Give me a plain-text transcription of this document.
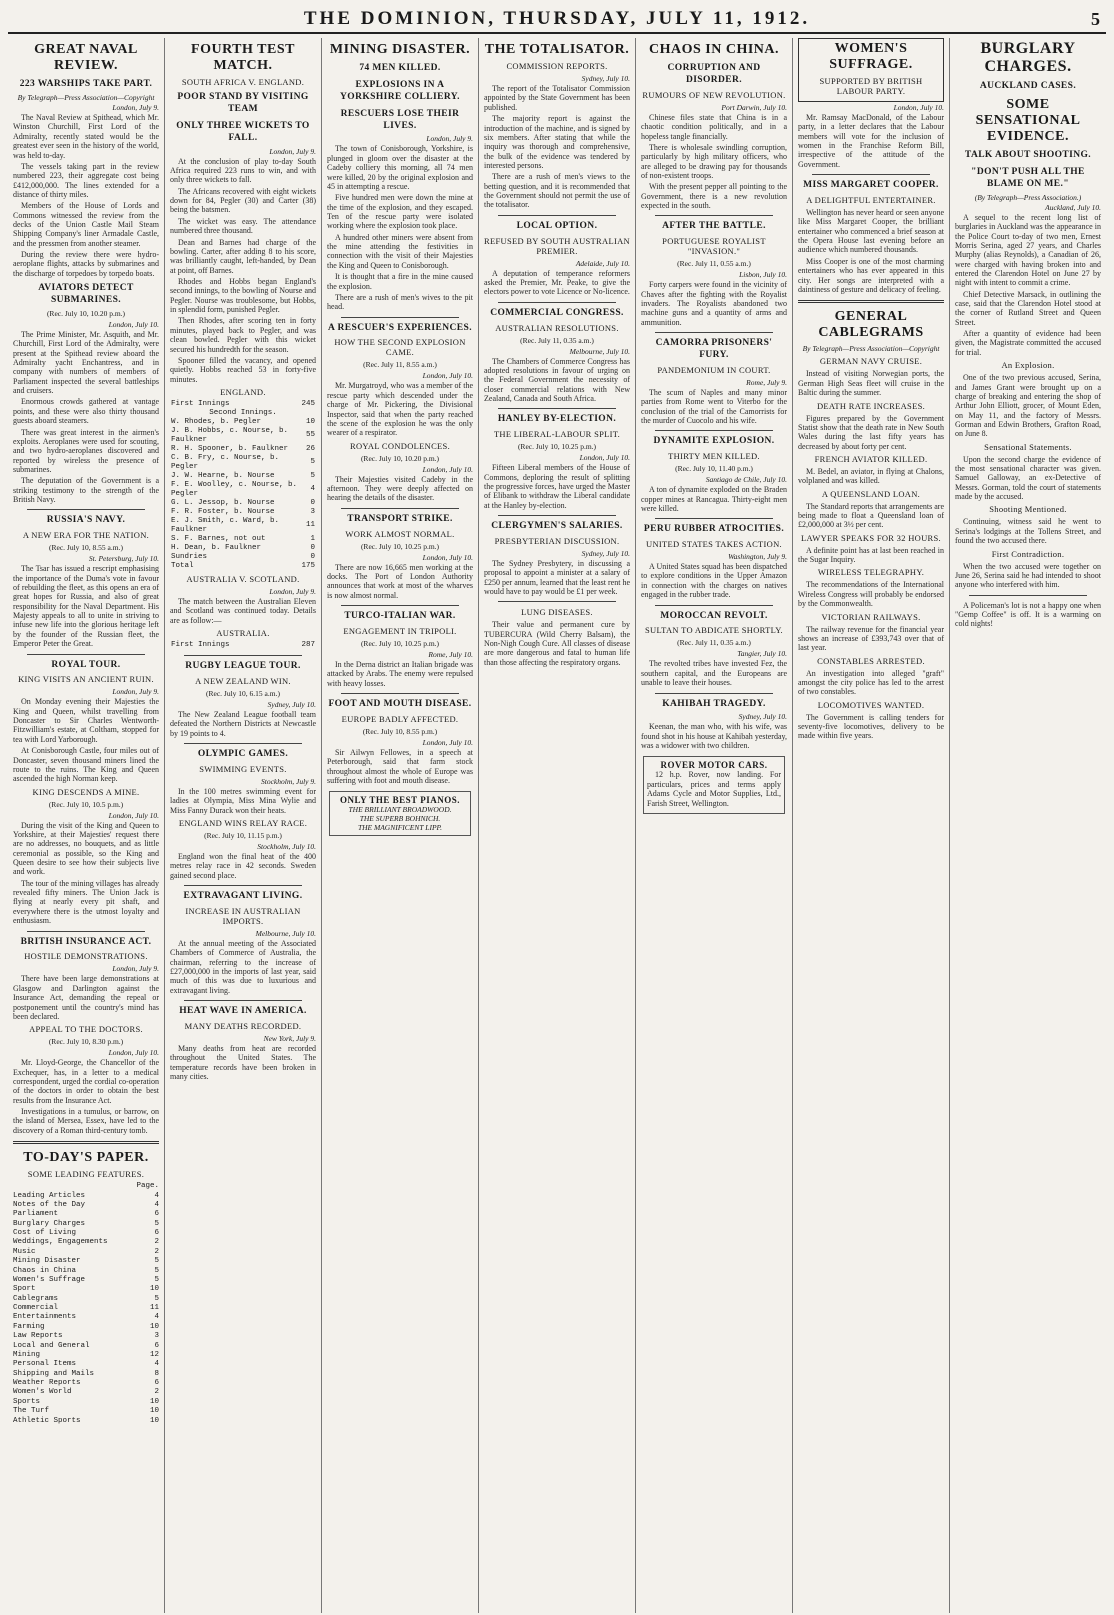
THE DOMINION, THURSDAY, JULY 11, 1912.	5
GREAT NAVAL REVIEW.
223 WARSHIPS TAKE PART.
By Telegraph—Press Association—Copyright
London, July 9.

The Naval Review at Spithead, which Mr. Winston Churchill, First Lord of the Admiralty, recently stated would be the greatest ever seen in the history of the world, was held to-day.

The vessels taking part in the review numbered 223, their aggregate cost being £412,000,000. The lines extended for a distance of thirty miles.

Members of the House of Lords and Commons witnessed the review from the decks of the Union Castle Mail Steam Shipping Company's liner Armadale Castle, and the pressmen from another steamer.

During the review there were hydro-aeroplane flights, attacks by submarines and the discharge of torpedoes by torpedo boats.

AVIATORS DETECT SUBMARINES.
(Rec. July 10, 10.20 p.m.)
London, July 10.

The Prime Minister, Mr. Asquith, and Mr. Churchill, First Lord of the Admiralty, were present at the Spithead review aboard the Admiralty yacht Enchantress, and in company with numbers of members of Parliament inspected the several battleships and cruisers.

Enormous crowds gathered at vantage points, and these were also thirty thousand guests aboard steamers.

There was great interest in the airmen's exploits. Aeroplanes were used for scouting, and two hydro-aeroplanes discovered and reported by wireless the presence of submarines.

The deputation of the Government is a striking testimony to the strength of the British Navy.

RUSSIA'S NAVY.
A NEW ERA FOR THE NATION.
(Rec. July 10, 8.55 a.m.)
St. Petersburg, July 10.

The Tsar has issued a rescript emphasising the importance of the Duma's vote in favour of rebuilding the fleet, as this opens an era of great hopes for Russia, and also of great responsibility for the Naval Department. His Majesty appeals to all to unite in striving to infuse new life into the glorious heritage left by the founder of the Russian fleet, the Emperor Peter the Great.

ROYAL TOUR.
KING VISITS AN ANCIENT RUIN.
London, July 9.

On Monday evening their Majesties the King and Queen, whilst travelling from Doncaster to Sir Charles Wentworth-Fitzwilliam's estate, at Coltham, stopped for tea with Lord Yarborough.

At Conisborough Castle, four miles out of Doncaster, seven thousand miners lined the route to the ruins. The King and Queen ascended the high Norman keep.

KING DESCENDS A MINE.
(Rec. July 10, 10.5 p.m.)
London, July 10.

During the visit of the King and Queen to Yorkshire, at their Majesties' request there are no addresses, no bouquets, and as little ceremonial as possible, so the King and Queen desire to see how their subjects live and work.

The tour of the mining villages has already revealed fifty miners. The Union Jack is flying at nearly every pit shaft, and everywhere there is the utmost loyalty and enthusiasm.

BRITISH INSURANCE ACT.
HOSTILE DEMONSTRATIONS.
London, July 9.

There have been large demonstrations at Glasgow and Darlington against the Insurance Act, demanding the repeal or postponement until the country's mind has been declared.

APPEAL TO THE DOCTORS.
(Rec. July 10, 8.30 p.m.)
London, July 10.

Mr. Lloyd-George, the Chancellor of the Exchequer, has, in a letter to a medical correspondent, urged the cordial co-operation of the doctors in order to obtain the best results from the Insurance Act.

Investigations in a tumulus, or barrow, on the island of Mersea, Essex, have led to the discovery of a Roman third-century tomb.

TO-DAY'S PAPER.
SOME LEADING FEATURES.
Page.
Leading Articles	4
Notes of the Day	4
Parliament	6
Burglary Charges	5
Cost of Living	6
Weddings, Engagements	2
Music	2
Mining Disaster	5
Chaos in China	5
Women's Suffrage	5
Sport	10
Cablegrams	5
Commercial	11
Entertainments	4
Farming	10
Law Reports	3
Local and General	6
Mining	12
Personal Items	4
Shipping and Mails	8
Weather Reports	6
Women's World	2
Sports	10
The Turf	10
Athletic Sports	10
FOURTH TEST MATCH.
SOUTH AFRICA V. ENGLAND.
POOR STAND BY VISITING TEAM
ONLY THREE WICKETS TO FALL.
London, July 9.

At the conclusion of play to-day South Africa required 223 runs to win, and with only three wickets to fall.

The Africans recovered with eight wickets down for 84, Pegler (30) and Carter (38) being the batsmen.

The wicket was easy. The attendance numbered three thousand.

Dean and Barnes had charge of the bowling. Carter, after adding 8 to his score, was brilliantly caught, left-handed, by Dean at point, off Barnes.

Rhodes and Hobbs began England's second innings, to the bowling of Nourse and Pegler. Nourse was troublesome, but Hobbs, in splendid form, punished Pegler.

Then Rhodes, after scoring ten in forty minutes, played back to Pegler, and was clean bowled. Pegler with this wicket secured his hundredth for the season.

Spooner filled the vacancy, and opened quietly. Hobbs reached 53 in forty-five minutes.

ENGLAND.
First Innings	245
Second Innings.	
W. Rhodes, b. Pegler	10
J. B. Hobbs, c. Nourse, b. Faulkner	55
R. H. Spooner, b. Faulkner	26
C. B. Fry, c. Nourse, b. Pegler	5
J. W. Hearne, b. Nourse	5
F. E. Woolley, c. Nourse, b. Pegler	4
G. L. Jessop, b. Nourse	0
F. R. Foster, b. Nourse	3
E. J. Smith, c. Ward, b. Faulkner	11
S. F. Barnes, not out	1
H. Dean, b. Faulkner	0
Sundries	0
Total	175
AUSTRALIA V. SCOTLAND.
London, July 9.

The match between the Australian Eleven and Scotland was continued today. Details are as follow:—

AUSTRALIA.
First Innings	287
RUGBY LEAGUE TOUR.
A NEW ZEALAND WIN.
(Rec. July 10, 6.15 a.m.)
Sydney, July 10.

The New Zealand League football team defeated the Northern Districts at Newcastle by 19 points to 4.

OLYMPIC GAMES.
SWIMMING EVENTS.
Stockholm, July 9.

In the 100 metres swimming event for ladies at Olympia, Miss Mina Wylie and Miss Fanny Durack won their heats.

ENGLAND WINS RELAY RACE.
(Rec. July 10, 11.15 p.m.)
Stockholm, July 10.

England won the final heat of the 400 metres relay race in 42 seconds. Sweden gained second place.

EXTRAVAGANT LIVING.
INCREASE IN AUSTRALIAN IMPORTS.
Melbourne, July 10.

At the annual meeting of the Associated Chambers of Commerce of Australia, the chairman, referring to the increase of £27,000,000 in the imports of last year, said much of this was due to luxurious and extravagant living.

HEAT WAVE IN AMERICA.
MANY DEATHS RECORDED.
New York, July 9.

Many deaths from heat are recorded throughout the United States. The temperature records have been broken in many cities.

MINING DISASTER.
74 MEN KILLED.
EXPLOSIONS IN A YORKSHIRE COLLIERY.
RESCUERS LOSE THEIR LIVES.
London, July 9.

The town of Conisborough, Yorkshire, is plunged in gloom over the disaster at the Cadeby colliery this morning, all 74 men were killed, 20 by the original explosion and 45 in attempting a rescue.

Five hundred men were down the mine at the time of the explosion, and they escaped. Ten of the rescue party were isolated working where the explosion took place.

A hundred other miners were absent from the mine attending the festivities in connection with the visit of their Majesties the King and Queen to Conisborough.

It is thought that a fire in the mine caused the explosion.

There are a rush of men's wives to the pit head.

A RESCUER'S EXPERIENCES.
HOW THE SECOND EXPLOSION CAME.
(Rec. July 11, 8.55 a.m.)
London, July 10.

Mr. Murgatroyd, who was a member of the rescue party which descended under the charge of Mr. Pickering, the Divisional Inspector, said that when the party reached the scene of the explosion he was the only wearer of a respirator.

ROYAL CONDOLENCES.
(Rec. July 10, 10.20 p.m.)
London, July 10.

Their Majesties visited Cadeby in the afternoon. They were deeply affected on hearing the details of the disaster.

TRANSPORT STRIKE.
WORK ALMOST NORMAL.
(Rec. July 10, 10.25 p.m.)
London, July 10.

There are now 16,665 men working at the docks. The Port of London Authority announces that work at most of the wharves is now almost normal.

TURCO-ITALIAN WAR.
ENGAGEMENT IN TRIPOLI.
(Rec. July 10, 10.25 p.m.)
Rome, July 10.

In the Derna district an Italian brigade was attacked by Arabs. The enemy were repulsed with heavy losses.

FOOT AND MOUTH DISEASE.
EUROPE BADLY AFFECTED.
(Rec. July 10, 8.55 p.m.)
London, July 10.

Sir Ailwyn Fellowes, in a speech at Peterborough, said that farm stock throughout almost the whole of Europe was suffering with foot and mouth disease.

ONLY THE BEST PIANOS.
THE BRILLIANT BROADWOOD.
THE SUPERB BOHNICH.
THE MAGNIFICENT LIPP.
THE TOTALISATOR.
COMMISSION REPORTS.
Sydney, July 10.

The report of the Totalisator Commission appointed by the State Government has been published.

The majority report is against the introduction of the machine, and is signed by six members. After stating that while the inquiry was thorough and comprehensive, the bulk of the evidence was tendered by interested persons.

There are a rush of men's views to the betting question, and it is recommended that the Government should not permit the use of the totalisator.

LOCAL OPTION.
REFUSED BY SOUTH AUSTRALIAN PREMIER.
Adelaide, July 10.

A deputation of temperance reformers asked the Premier, Mr. Peake, to give the electors power to vote Licence or No-licence.

COMMERCIAL CONGRESS.
AUSTRALIAN RESOLUTIONS.
(Rec. July 11, 0.35 a.m.)
Melbourne, July 10.

The Chambers of Commerce Congress has adopted resolutions in favour of urging on the Federal Government the necessity of closer commercial relations with New Zealand, Canada and South Africa.

HANLEY BY-ELECTION.
THE LIBERAL-LABOUR SPLIT.
(Rec. July 10, 10.25 p.m.)
London, July 10.

Fifteen Liberal members of the House of Commons, deploring the result of splitting the progressive forces, have urged the Master of Elibank to withdraw the Liberal candidate at the Hanley by-election.

CLERGYMEN'S SALARIES.
PRESBYTERIAN DISCUSSION.
Sydney, July 10.

The Sydney Presbytery, in discussing a proposal to appoint a minister at a salary of £250 per annum, learned that the least rent he would have to pay would be £1 per week.

LUNG DISEASES.

Their value and permanent cure by TUBERCURA (Wild Cherry Balsam), the Non-Nigh Cough Cure. All classes of disease are more dangerous and fatal to human life than those affecting the respiratory organs.

CHAOS IN CHINA.
CORRUPTION AND DISORDER.
RUMOURS OF NEW REVOLUTION.
Port Darwin, July 10.

Chinese files state that China is in a chaotic condition politically, and in a hopeless tangle financially.

There is wholesale swindling corruption, particularly by high military officers, who are alleged to be drawing pay for thousands of non-existent troops.

With the present pepper all pointing to the Government, there is a new revolution expected in the south.

AFTER THE BATTLE.
PORTUGUESE ROYALIST "INVASION."
(Rec. July 11, 0.55 a.m.)
Lisbon, July 10.

Forty carpers were found in the vicinity of Chaves after the fighting with the Royalist invaders. The Royalists abandoned two machine guns and a quantity of arms and ammunition.

CAMORRA PRISONERS' FURY.
PANDEMONIUM IN COURT.
Rome, July 9.

The scum of Naples and many minor parties from Rome went to Viterbo for the conclusion of the trial of the Camorrists for the murder of Cuocolo and his wife.

DYNAMITE EXPLOSION.
THIRTY MEN KILLED.
(Rec. July 10, 11.40 p.m.)
Santiago de Chile, July 10.

A ton of dynamite exploded on the Braden copper mines at Rancagua. Thirty-eight men were killed.

PERU RUBBER ATROCITIES.
UNITED STATES TAKES ACTION.
Washington, July 9.

A United States squad has been dispatched to explore conditions in the Upper Amazon in connection with the charges on natives engaged in the rubber trade.

MOROCCAN REVOLT.
SULTAN TO ABDICATE SHORTLY.
(Rec. July 11, 0.35 a.m.)
Tangier, July 10.

The revolted tribes have invested Fez, the southern capital, and the Europeans are unable to leave their houses.

KAHIBAH TRAGEDY.
Sydney, July 10.

Keenan, the man who, with his wife, was found shot in his house at Kahibah yesterday, was a widower with two children.

ROVER MOTOR CARS.

12 h.p. Rover, now landing. For particulars, prices and terms apply Adams Cycle and Motor Supplies, Ltd., Farish Street, Wellington.

WOMEN'S SUFFRAGE.
SUPPORTED BY BRITISH LABOUR PARTY.
London, July 10.

Mr. Ramsay MacDonald, of the Labour party, in a letter declares that the Labour members will vote for the inclusion of women in the Franchise Reform Bill, irrespective of the attitude of the Government.

MISS MARGARET COOPER.
A DELIGHTFUL ENTERTAINER.

Wellington has never heard or seen anyone like Miss Margaret Cooper, the brilliant entertainer who commenced a brief season at the Opera House last evening before an audience which numbered thousands.

Miss Cooper is one of the most charming entertainers who has ever appeared in this city. Her songs are interpreted with a daintiness of gesture and delicacy of feeling.

GENERAL CABLEGRAMS
By Telegraph—Press Association—Copyright
GERMAN NAVY CRUISE.

Instead of visiting Norwegian ports, the German High Seas fleet will cruise in the Baltic during the summer.

DEATH RATE INCREASES.

Figures prepared by the Government Statist show that the death rate in New South Wales during the last fifty years has decreased by about forty per cent.

FRENCH AVIATOR KILLED.

M. Bedel, an aviator, in flying at Chalons, volplaned and was killed.

A QUEENSLAND LOAN.

The Standard reports that arrangements are being made to float a Queensland loan of £2,000,000 at 3½ per cent.

LAWYER SPEAKS FOR 32 HOURS.

A definite point has at last been reached in the Sugar Inquiry.

WIRELESS TELEGRAPHY.

The recommendations of the International Wireless Congress will probably be endorsed by the Commonwealth.

VICTORIAN RAILWAYS.

The railway revenue for the financial year shows an increase of £393,743 over that of last year.

CONSTABLES ARRESTED.

An investigation into alleged "graft" amongst the city police has led to the arrest of two constables.

LOCOMOTIVES WANTED.

The Government is calling tenders for seventy-five locomotives, delivery to be made within five years.

BURGLARY CHARGES.
AUCKLAND CASES.
SOME SENSATIONAL EVIDENCE.
TALK ABOUT SHOOTING.
"DON'T PUSH ALL THE BLAME ON ME."
(By Telegraph—Press Association.)
Auckland, July 10.

A sequel to the recent long list of burglaries in Auckland was the appearance in the Police Court to-day of two men, Ernest Morris Serina, aged 27 years, and Charles Murphy (alias Reynolds), a Canadian of 26, were charged with having broken into and entered the Clarendon Hotel on June 27 by night with intent to commit a crime.

Chief Detective Marsack, in outlining the case, said that the Clarendon Hotel stood at the corner of Rutland Street and Queen Street.

After a quantity of evidence had been given, the Magistrate committed the accused for trial.

An Explosion.

One of the two previous accused, Serina, and James Grant were brought up on a charge of breaking and entering the shop of Arthur John Elliott, grocer, of Mount Eden, on May 11, and the factory of Messrs. Gorman and Edwin Brothers, Grafton Road, on June 8.

Sensational Statements.

Upon the second charge the evidence of the most sensational character was given. Samuel Galloway, an ex-Detective of Messrs. Gorman, told the court of statements made by the accused.

Shooting Mentioned.

Continuing, witness said he went to Serina's lodgings at the Tollens Street, and found the two accused there.

First Contradiction.

When the two accused were together on June 26, Serina said he had intended to shoot anyone who interfered with him.

A Policeman's lot is not a happy one when "Gemp Coffee" is off. It is a warming on cold nights!
